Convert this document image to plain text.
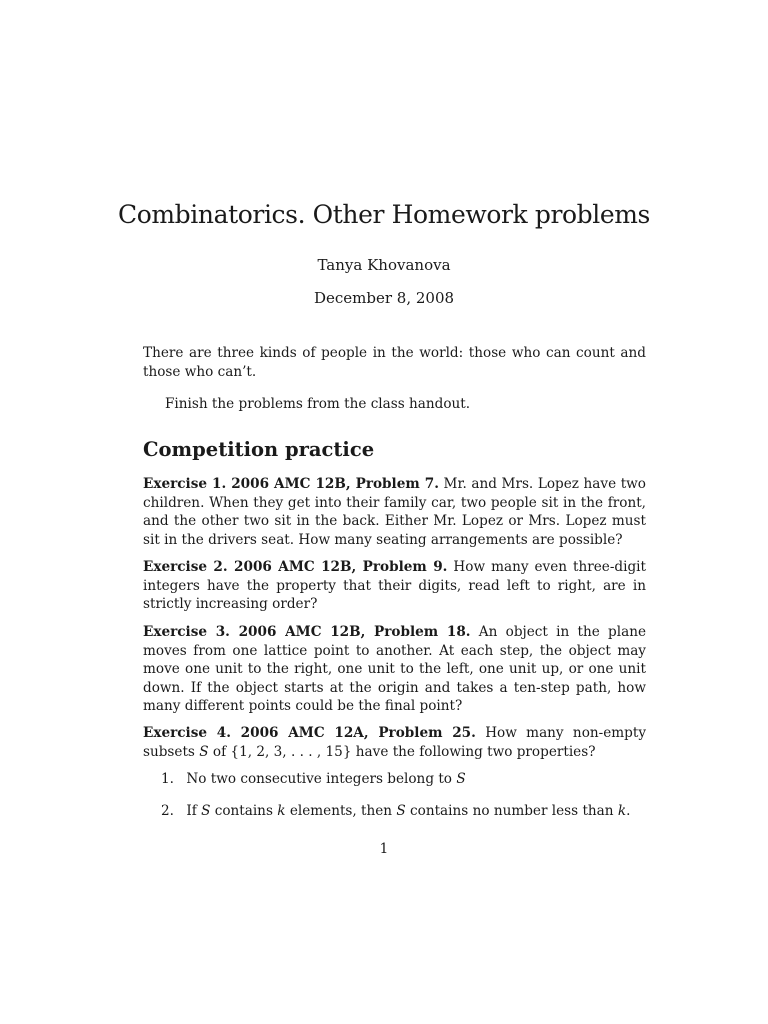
Combinatorics. Other Homework problems
Tanya Khovanova
December 8, 2008

There are three kinds of people in the world: those who can count and those who can’t.

Finish the problems from the class handout.

Competition practice

Exercise 1. 2006 AMC 12B, Problem 7. Mr. and Mrs. Lopez have two children. When they get into their family car, two people sit in the front, and the other two sit in the back. Either Mr. Lopez or Mrs. Lopez must sit in the drivers seat. How many seating arrangements are possible?

Exercise 2. 2006 AMC 12B, Problem 9. How many even three-digit integers have the property that their digits, read left to right, are in strictly increasing order?

Exercise 3. 2006 AMC 12B, Problem 18. An object in the plane moves from one lattice point to another. At each step, the object may move one unit to the right, one unit to the left, one unit up, or one unit down. If the object starts at the origin and takes a ten-step path, how many different points could be the final point?

Exercise 4. 2006 AMC 12A, Problem 25. How many non-empty subsets S of {1, 2, 3, . . . , 15} have the following two properties?

1. No two consecutive integers belong to S
2. If S contains k elements, then S contains no number less than k.
1
